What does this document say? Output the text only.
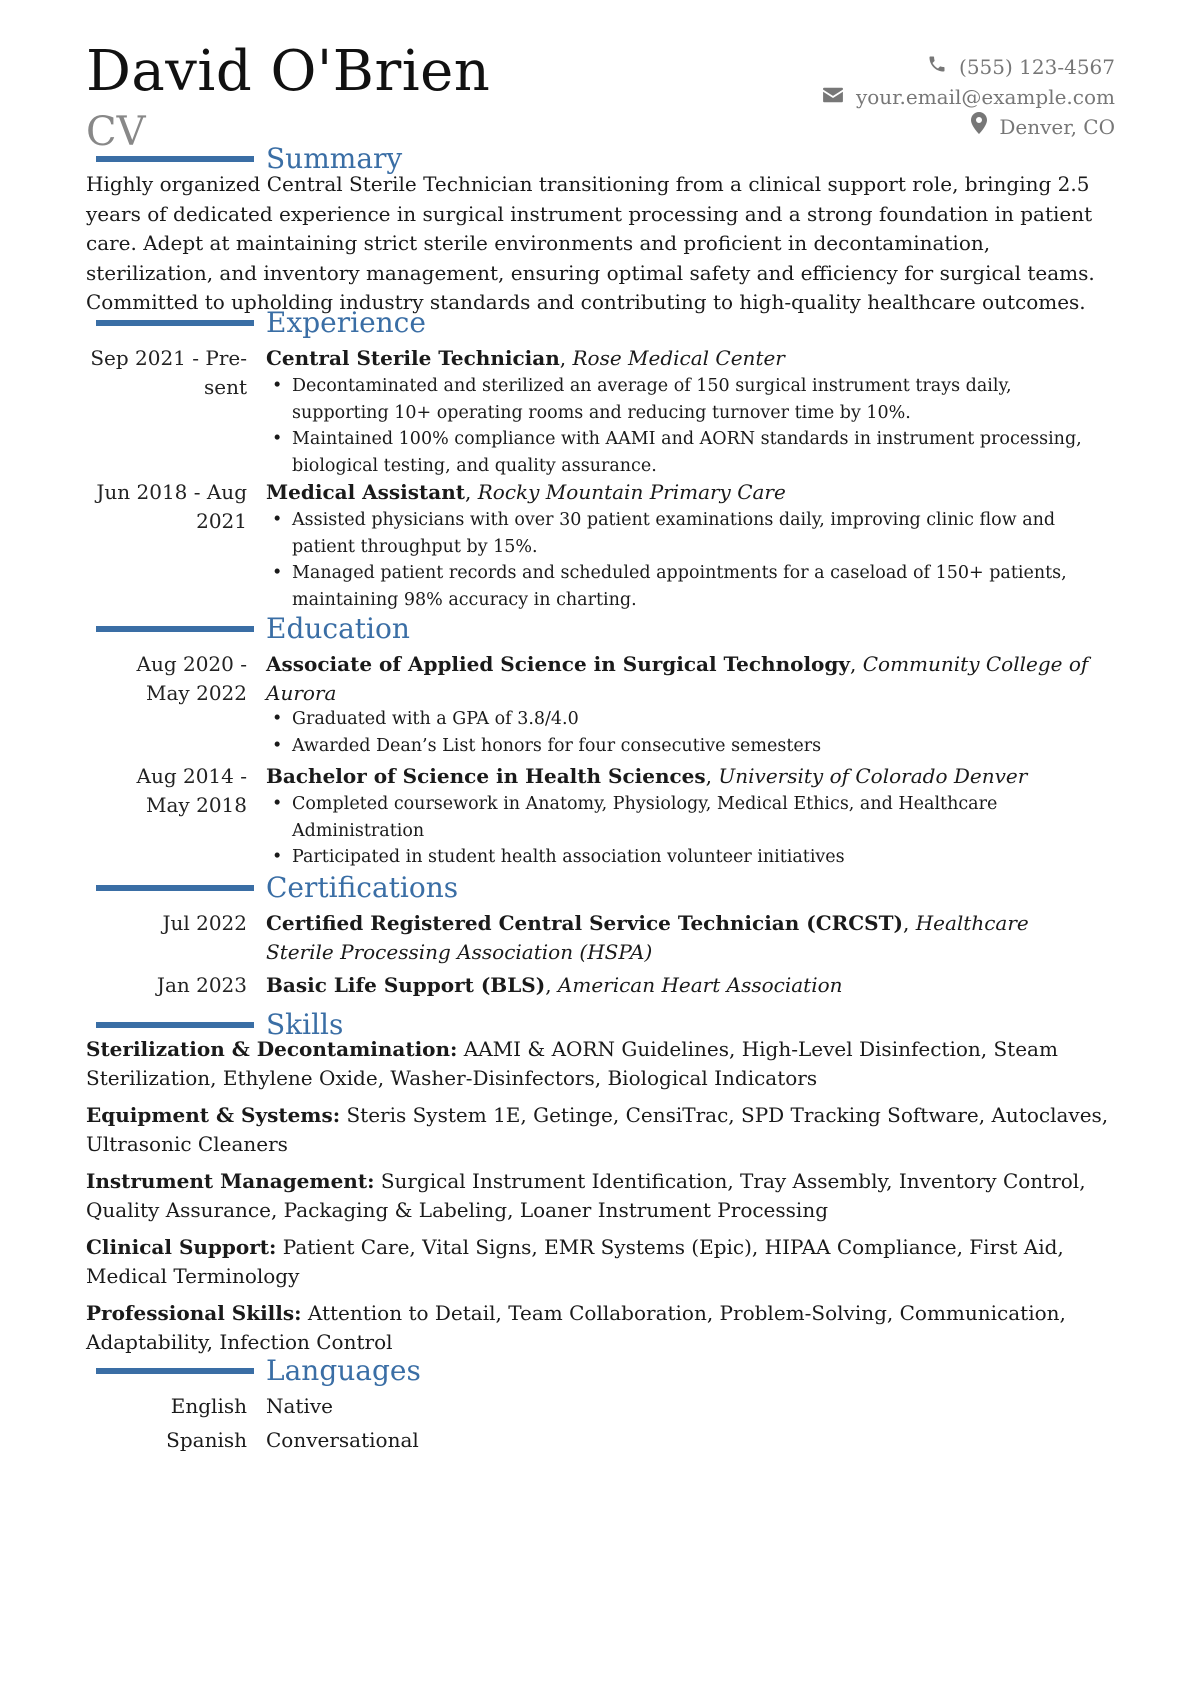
David O'Brien
CV
(555) 123-4567
your.email@example.com
Denver, CO
Summary
Highly organized Central Sterile Technician transitioning from a clinical support role, bringing 2.5 years of dedicated experience in surgical instrument processing and a strong foundation in patient care. Adept at maintaining strict sterile environments and proficient in decontamination, sterilization, and inventory management, ensuring optimal safety and efficiency for surgical teams. Committed to upholding industry standards and contributing to high-quality healthcare outcomes.
Experience
Sep 2021 - Pre-
sent
Central Sterile Technician, Rose Medical Center
• Decontaminated and sterilized an average of 150 surgical instrument trays daily, supporting 10+ operating rooms and reducing turnover time by 10%.
• Maintained 100% compliance with AAMI and AORN standards in instrument processing, biological testing, and quality assurance.
Jun 2018 - Aug
2021
Medical Assistant, Rocky Mountain Primary Care
• Assisted physicians with over 30 patient examinations daily, improving clinic flow and patient throughput by 15%.
• Managed patient records and scheduled appointments for a caseload of 150+ patients, maintaining 98% accuracy in charting.
Education
Aug 2020 -
May 2022
Associate of Applied Science in Surgical Technology, Community College of Aurora
• Graduated with a GPA of 3.8/4.0
• Awarded Dean’s List honors for four consecutive semesters
Aug 2014 -
May 2018
Bachelor of Science in Health Sciences, University of Colorado Denver
• Completed coursework in Anatomy, Physiology, Medical Ethics, and Healthcare Administration
• Participated in student health association volunteer initiatives
Certifications
Jul 2022 Certified Registered Central Service Technician (CRCST), Healthcare Sterile Processing Association (HSPA)
Jan 2023 Basic Life Support (BLS), American Heart Association
Skills
Sterilization & Decontamination: AAMI & AORN Guidelines, High-Level Disinfection, Steam Sterilization, Ethylene Oxide, Washer-Disinfectors, Biological Indicators
Equipment & Systems: Steris System 1E, Getinge, CensiTrac, SPD Tracking Software, Autoclaves, Ultrasonic Cleaners
Instrument Management: Surgical Instrument Identification, Tray Assembly, Inventory Control, Quality Assurance, Packaging & Labeling, Loaner Instrument Processing
Clinical Support: Patient Care, Vital Signs, EMR Systems (Epic), HIPAA Compliance, First Aid, Medical Terminology
Professional Skills: Attention to Detail, Team Collaboration, Problem-Solving, Communication, Adaptability, Infection Control
Languages
English Native
Spanish Conversational
